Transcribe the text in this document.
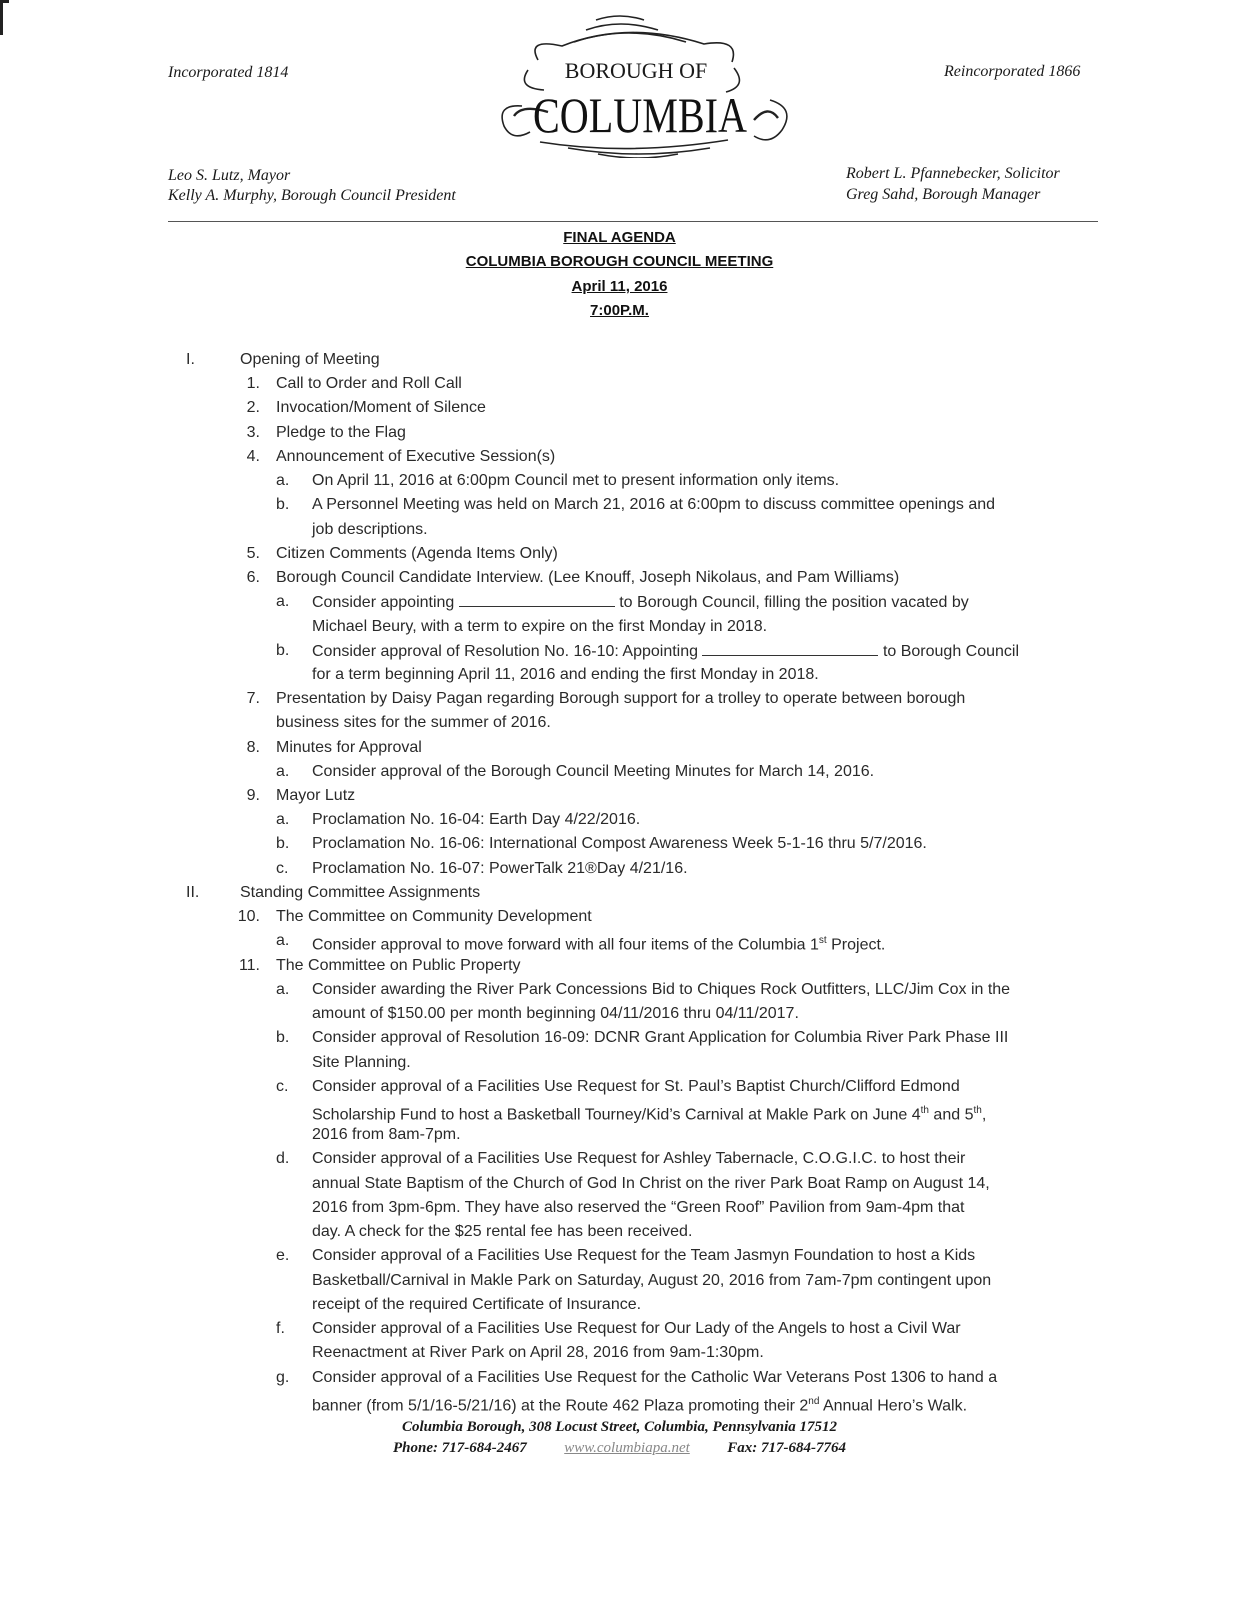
Incorporated 1814	Reincorporated 1866
BOROUGH OF
COLUMBIA
Leo S. Lutz, Mayor
Kelly A. Murphy, Borough Council President
Robert L. Pfannebecker, Solicitor
Greg Sahd, Borough Manager
FINAL AGENDA
COLUMBIA BOROUGH COUNCIL MEETING
April 11, 2016
7:00P.M.
I.	Opening of Meeting
1. Call to Order and Roll Call
2. Invocation/Moment of Silence
3. Pledge to the Flag
4. Announcement of Executive Session(s)
a. On April 11, 2016 at 6:00pm Council met to present information only items.
b. A Personnel Meeting was held on March 21, 2016 at 6:00pm to discuss committee openings and
job descriptions.
5. Citizen Comments (Agenda Items Only)
6. Borough Council Candidate Interview. (Lee Knouff, Joseph Nikolaus, and Pam Williams)
a. Consider appointing	to Borough Council, filling the position vacated by
Michael Beury, with a term to expire on the first Monday in 2018.
b. Consider approval of Resolution No. 16-10: Appointing	to Borough Council
for a term beginning April 11, 2016 and ending the first Monday in 2018.
7. Presentation by Daisy Pagan regarding Borough support for a trolley to operate between borough
business sites for the summer of 2016.
8. Minutes for Approval
a. Consider approval of the Borough Council Meeting Minutes for March 14, 2016.
9. Mayor Lutz
a. Proclamation No. 16-04: Earth Day 4/22/2016.
b. Proclamation No. 16-06: International Compost Awareness Week 5-1-16 thru 5/7/2016.
c. Proclamation No. 16-07: PowerTalk 21®Day 4/21/16.
II.	Standing Committee Assignments
10. The Committee on Community Development
a. Consider approval to move forward with all four items of the Columbia 1st Project.
11. The Committee on Public Property
a. Consider awarding the River Park Concessions Bid to Chiques Rock Outfitters, LLC/Jim Cox in the
amount of $150.00 per month beginning 04/11/2016 thru 04/11/2017.
b. Consider approval of Resolution 16-09: DCNR Grant Application for Columbia River Park Phase III
Site Planning.
c. Consider approval of a Facilities Use Request for St. Paul’s Baptist Church/Clifford Edmond
Scholarship Fund to host a Basketball Tourney/Kid’s Carnival at Makle Park on June 4th and 5th,
2016 from 8am-7pm.
d. Consider approval of a Facilities Use Request for Ashley Tabernacle, C.O.G.I.C. to host their
annual State Baptism of the Church of God In Christ on the river Park Boat Ramp on August 14,
2016 from 3pm-6pm. They have also reserved the “Green Roof” Pavilion from 9am-4pm that
day. A check for the $25 rental fee has been received.
e. Consider approval of a Facilities Use Request for the Team Jasmyn Foundation to host a Kids
Basketball/Carnival in Makle Park on Saturday, August 20, 2016 from 7am-7pm contingent upon
receipt of the required Certificate of Insurance.
f. Consider approval of a Facilities Use Request for Our Lady of the Angels to host a Civil War
Reenactment at River Park on April 28, 2016 from 9am-1:30pm.
g. Consider approval of a Facilities Use Request for the Catholic War Veterans Post 1306 to hand a
banner (from 5/1/16-5/21/16) at the Route 462 Plaza promoting their 2nd Annual Hero’s Walk.
Columbia Borough, 308 Locust Street, Columbia, Pennsylvania 17512
Phone: 717-684-2467	www.columbiapa.net	Fax: 717-684-7764
